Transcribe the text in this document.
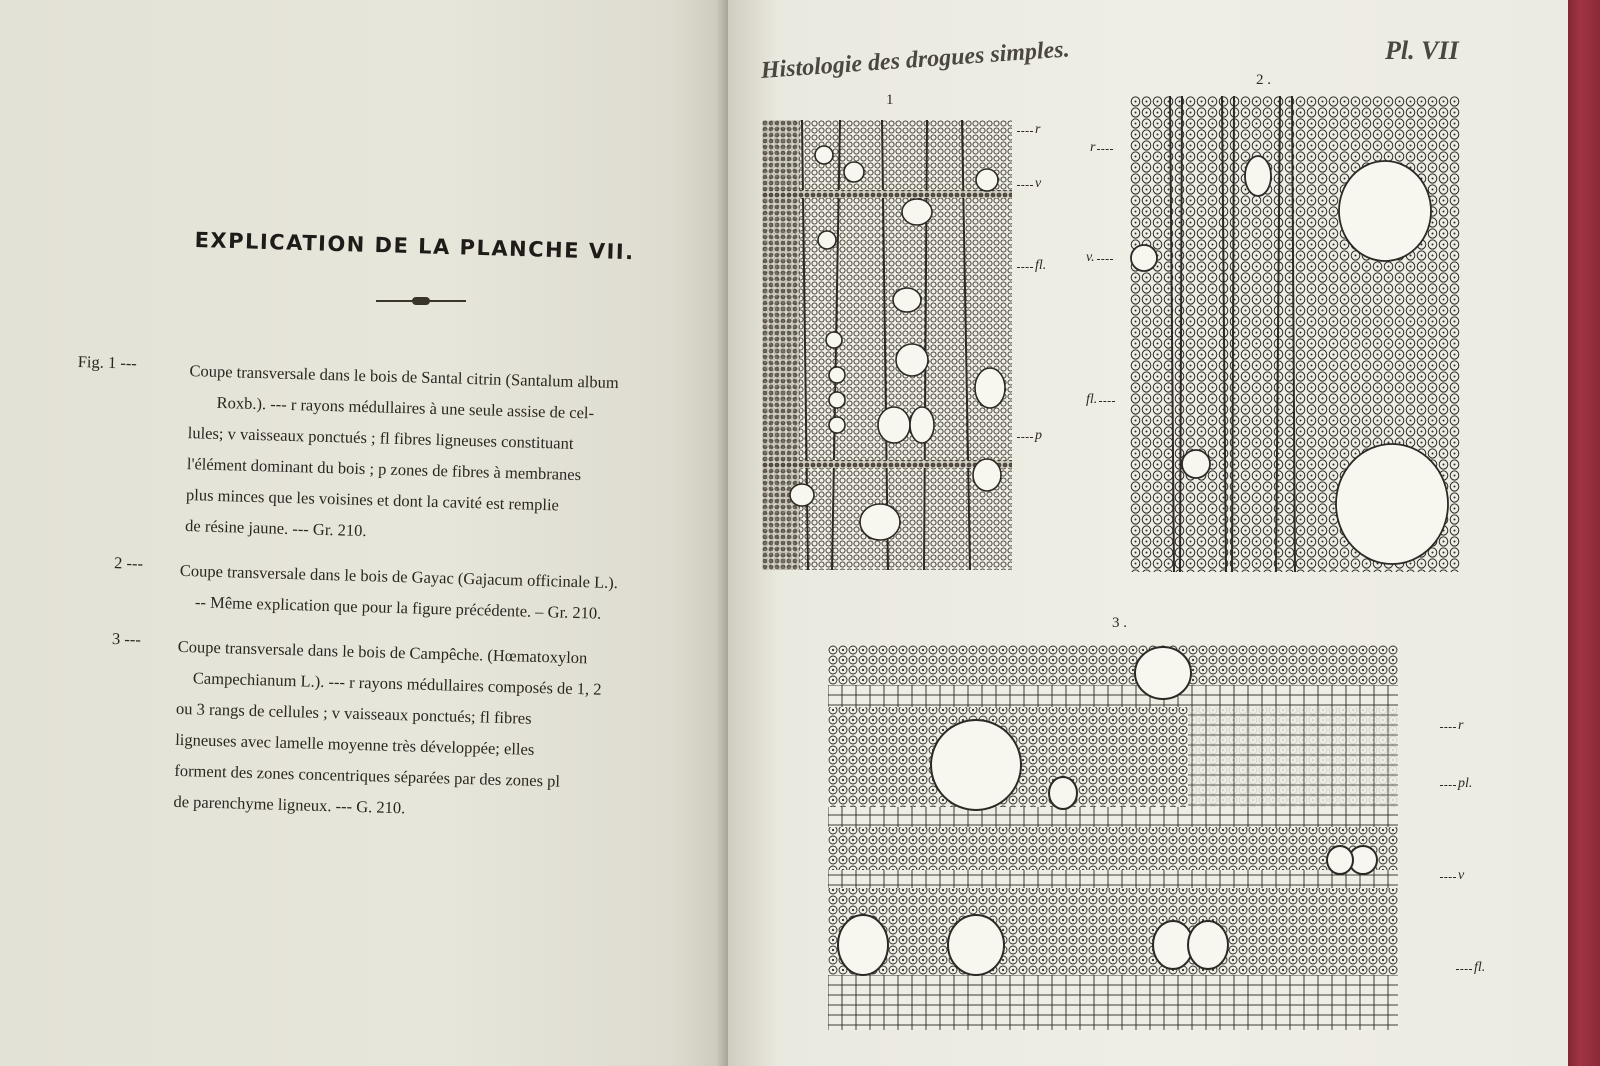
EXPLICATION DE LA PLANCHE VII.
Fig. 1 ---	Coupe transversale dans le bois de Santal citrin (Santalum album
Roxb.). --- r rayons médullaires à une seule assise de cel-
lules; v vaisseaux ponctués ; fl fibres ligneuses constituant
l'élément dominant du bois ; p zones de fibres à membranes
plus minces que les voisines et dont la cavité est remplie
de résine jaune. --- Gr. 210.
2 --- Coupe transversale dans le bois de Gayac (Gajacum officinale L.).
-- Même explication que pour la figure précédente. – Gr. 210.
3 --- Coupe transversale dans le bois de Campêche. (Hœmatoxylon
Campechianum L.). --- r rayons médullaires composés de 1, 2
ou 3 rangs de cellules ; v vaisseaux ponctués; fl fibres
ligneuses avec lamelle moyenne très développée; elles
forment des zones concentriques séparées par des zones pl
de parenchyme ligneux. --- G. 210.
Histologie des drogues simples.	Pl. VII
1
r
v
fl.
p
2 .
r
v.
fl.
3 .
r
pl.
v
fl.
